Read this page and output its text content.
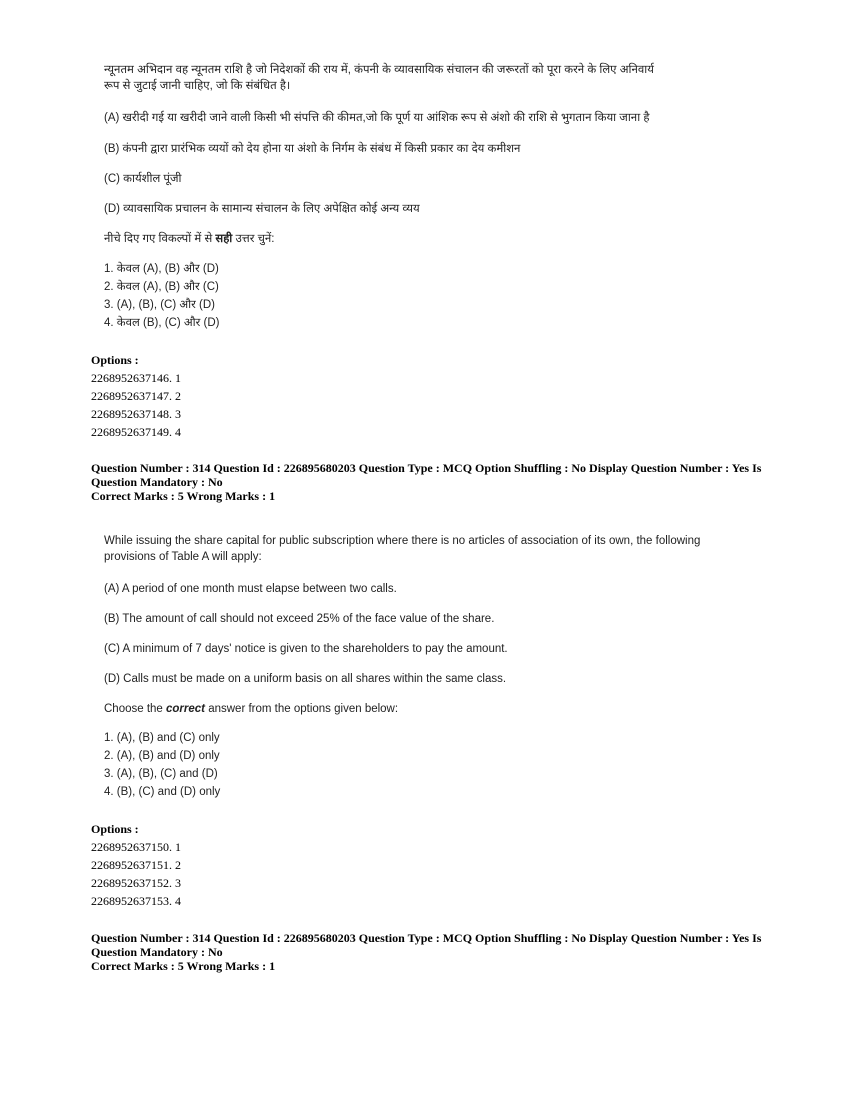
न्यूनतम अभिदान वह न्यूनतम राशि है जो निदेशकों की राय में, कंपनी के व्यावसायिक संचालन की जरूरतों को पूरा करने के लिए अनिवार्य

रूप से जुटाई जानी चाहिए, जो कि संबंधित है।

(A) खरीदी गई या खरीदी जाने वाली किसी भी संपत्ति की कीमत,जो कि पूर्ण या आंशिक रूप से अंशो की राशि से भुगतान किया जाना है
(B) कंपनी द्वारा प्रारंभिक व्ययों को देय होना या अंशो के निर्गम के संबंध में किसी प्रकार का देय कमीशन
(C) कार्यशील पूंजी
(D) व्यावसायिक प्रचालन के सामान्य संचालन के लिए अपेक्षित कोई अन्य व्यय
नीचे दिए गए विकल्पों में से सही उत्तर चुनें:
1. केवल (A), (B) और (D)
2. केवल (A), (B) और (C)
3. (A), (B), (C) और (D)
4. केवल (B), (C) और (D)
Options :
2268952637146. 1
2268952637147. 2
2268952637148. 3
2268952637149. 4
Question Number : 314 Question Id : 226895680203 Question Type : MCQ Option Shuffling : No Display Question Number : Yes Is
Question Mandatory : No
Correct Marks : 5 Wrong Marks : 1

While issuing the share capital for public subscription where there is no articles of association of its own, the following

provisions of Table A will apply:

(A) A period of one month must elapse between two calls.
(B) The amount of call should not exceed 25% of the face value of the share.
(C) A minimum of 7 days' notice is given to the shareholders to pay the amount.
(D) Calls must be made on a uniform basis on all shares within the same class.
Choose the correct answer from the options given below:
1. (A), (B) and (C) only
2. (A), (B) and (D) only
3. (A), (B), (C) and (D)
4. (B), (C) and (D) only
Options :
2268952637150. 1
2268952637151. 2
2268952637152. 3
2268952637153. 4
Question Number : 314 Question Id : 226895680203 Question Type : MCQ Option Shuffling : No Display Question Number : Yes Is
Question Mandatory : No
Correct Marks : 5 Wrong Marks : 1
